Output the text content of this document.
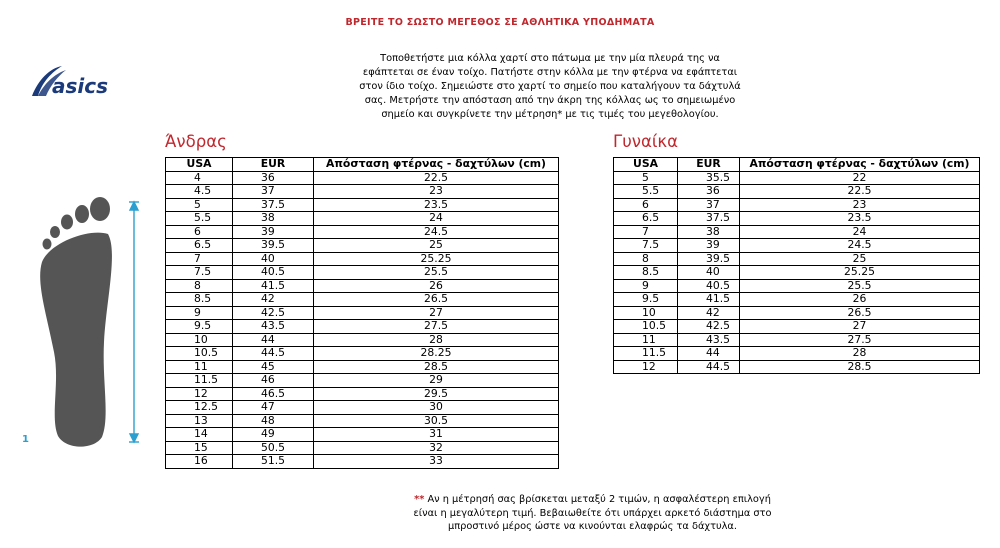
ΒΡΕΙΤΕ ΤΟ ΣΩΣΤΟ ΜΕΓΕΘΟΣ ΣΕ ΑΘΛΗΤΙΚΑ ΥΠΟΔΗΜΑΤΑ
asics
Τοποθετήστε μια κόλλα χαρτί στο πάτωμα με την μία πλευρά της να
εφάπτεται σε έναν τοίχο. Πατήστε στην κόλλα με την φτέρνα να εφάπτεται
στον ίδιο τοίχο. Σημειώστε στο χαρτί το σημείο που καταλήγουν τα δάχτυλά
σας. Μετρήστε την απόσταση από την άκρη της κόλλας ως το σημειωμένο
σημείο και συγκρίνετε την μέτρηση* με τις τιμές του μεγεθολογίου.
1
Άνδρας
USA	EUR	Απόσταση φτέρνας - δαχτύλων (cm)
4	36	22.5
4.5	37	23
5	37.5	23.5
5.5	38	24
6	39	24.5
6.5	39.5	25
7	40	25.25
7.5	40.5	25.5
8	41.5	26
8.5	42	26.5
9	42.5	27
9.5	43.5	27.5
10	44	28
10.5	44.5	28.25
11	45	28.5
11.5	46	29
12	46.5	29.5
12.5	47	30
13	48	30.5
14	49	31
15	50.5	32
16	51.5	33
Γυναίκα
USA	EUR	Απόσταση φτέρνας - δαχτύλων (cm)
5	35.5	22
5.5	36	22.5
6	37	23
6.5	37.5	23.5
7	38	24
7.5	39	24.5
8	39.5	25
8.5	40	25.25
9	40.5	25.5
9.5	41.5	26
10	42	26.5
10.5	42.5	27
11	43.5	27.5
11.5	44	28
12	44.5	28.5
** Αν η μέτρησή σας βρίσκεται μεταξύ 2 τιμών, η ασφαλέστερη επιλογή
είναι η μεγαλύτερη τιμή. Βεβαιωθείτε ότι υπάρχει αρκετό διάστημα στο
μπροστινό μέρος ώστε να κινούνται ελαφρώς τα δάχτυλα.
